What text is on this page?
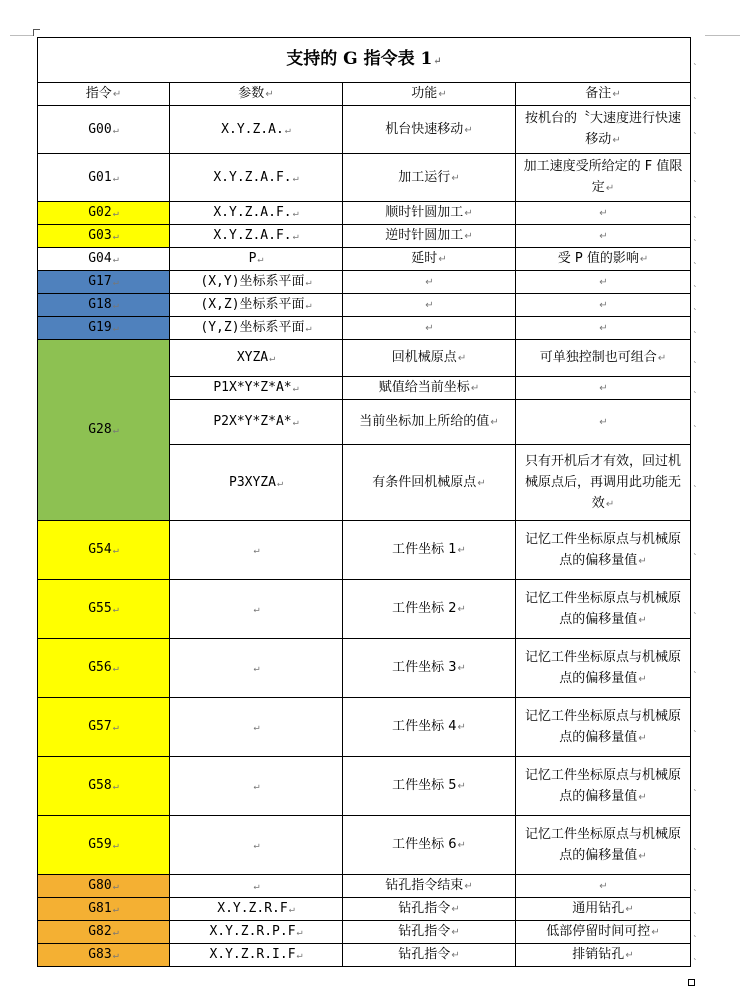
支持的 G 指令表 1↵			
指令↵	参数↵	功能↵	备注↵
G00↵	X.Y.Z.A.↵	机台快速移动↵	按机台的〝大速度进行快速移动↵
G01↵	X.Y.Z.A.F.↵	加工运行↵	加工速度受所给定的 F 值限定↵
G02↵	X.Y.Z.A.F.↵	顺时针圆加工↵	↵
G03↵	X.Y.Z.A.F.↵	逆时针圆加工↵	↵
G04↵	P↵	延时↵	受 P 值的影响↵
G17↵	(X,Y)坐标系平面↵	↵	↵
G18↵	(X,Z)坐标系平面↵	↵	↵
G19↵	(Y,Z)坐标系平面↵	↵	↵
G28↵	XYZA↵	回机械原点↵	可单独控制也可组合↵
	P1X*Y*Z*A*↵	赋值给当前坐标↵	↵
	P2X*Y*Z*A*↵	当前坐标加上所给的值↵	↵
	P3XYZA↵	有条件回机械原点↵	只有开机后才有效，回过机械原点后，再调用此功能无效↵
G54↵	↵	工件坐标 1↵	记忆工件坐标原点与机械原点的偏移量值↵
G55↵	↵	工件坐标 2↵	记忆工件坐标原点与机械原点的偏移量值↵
G56↵	↵	工件坐标 3↵	记忆工件坐标原点与机械原点的偏移量值↵
G57↵	↵	工件坐标 4↵	记忆工件坐标原点与机械原点的偏移量值↵
G58↵	↵	工件坐标 5↵	记忆工件坐标原点与机械原点的偏移量值↵
G59↵	↵	工件坐标 6↵	记忆工件坐标原点与机械原点的偏移量值↵
G80↵	↵	钻孔指令结束↵	↵
G81↵	X.Y.Z.R.F↵	钻孔指令↵	通用钻孔↵
G82↵	X.Y.Z.R.P.F↵	钻孔指令↵	低部停留时间可控↵
G83↵	X.Y.Z.R.I.F↵	钻孔指令↵	排销钻孔↵
ˎ
ˎ
ˎ
ˎ
ˎ
ˎ
ˎ
ˎ
ˎ
ˎ
ˎ
ˎ
ˎ
ˎ
ˎ
ˎ
ˎ
ˎ
ˎ
ˎ
ˎ
ˎ
ˎ
ˎ
